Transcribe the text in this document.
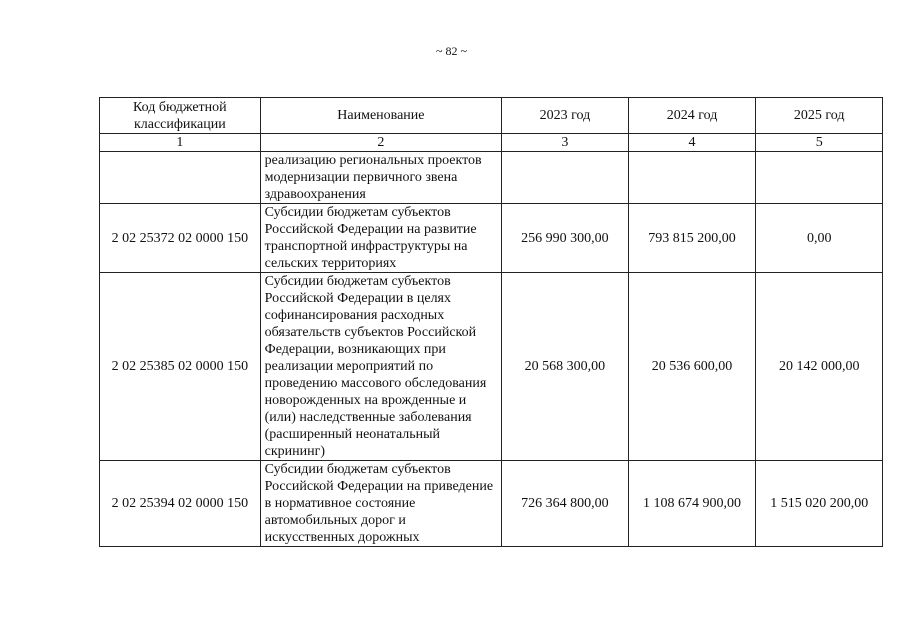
~ 82 ~
Код бюджетной классификации	Наименование	2023 год	2024 год	2025 год
1	2	3	4	5
	реализацию региональных проектов модернизации первичного звена здравоохранения			
2 02 25372 02 0000 150	Субсидии бюджетам субъектов Российской Федерации на развитие транспортной инфраструктуры на сельских территориях	256 990 300,00	793 815 200,00	0,00
2 02 25385 02 0000 150	Субсидии бюджетам субъектов Российской Федерации в целях софинансирования расходных обязательств субъектов Российской Федерации, возникающих при реализации мероприятий по проведению массового обследования новорожденных на врожденные и (или) наследственные заболевания (расширенный неонатальный скрининг)	20 568 300,00	20 536 600,00	20 142 000,00
2 02 25394 02 0000 150	Субсидии бюджетам субъектов Российской Федерации на приведение в нормативное состояние автомобильных дорог и искусственных дорожных	726 364 800,00	1 108 674 900,00	1 515 020 200,00
